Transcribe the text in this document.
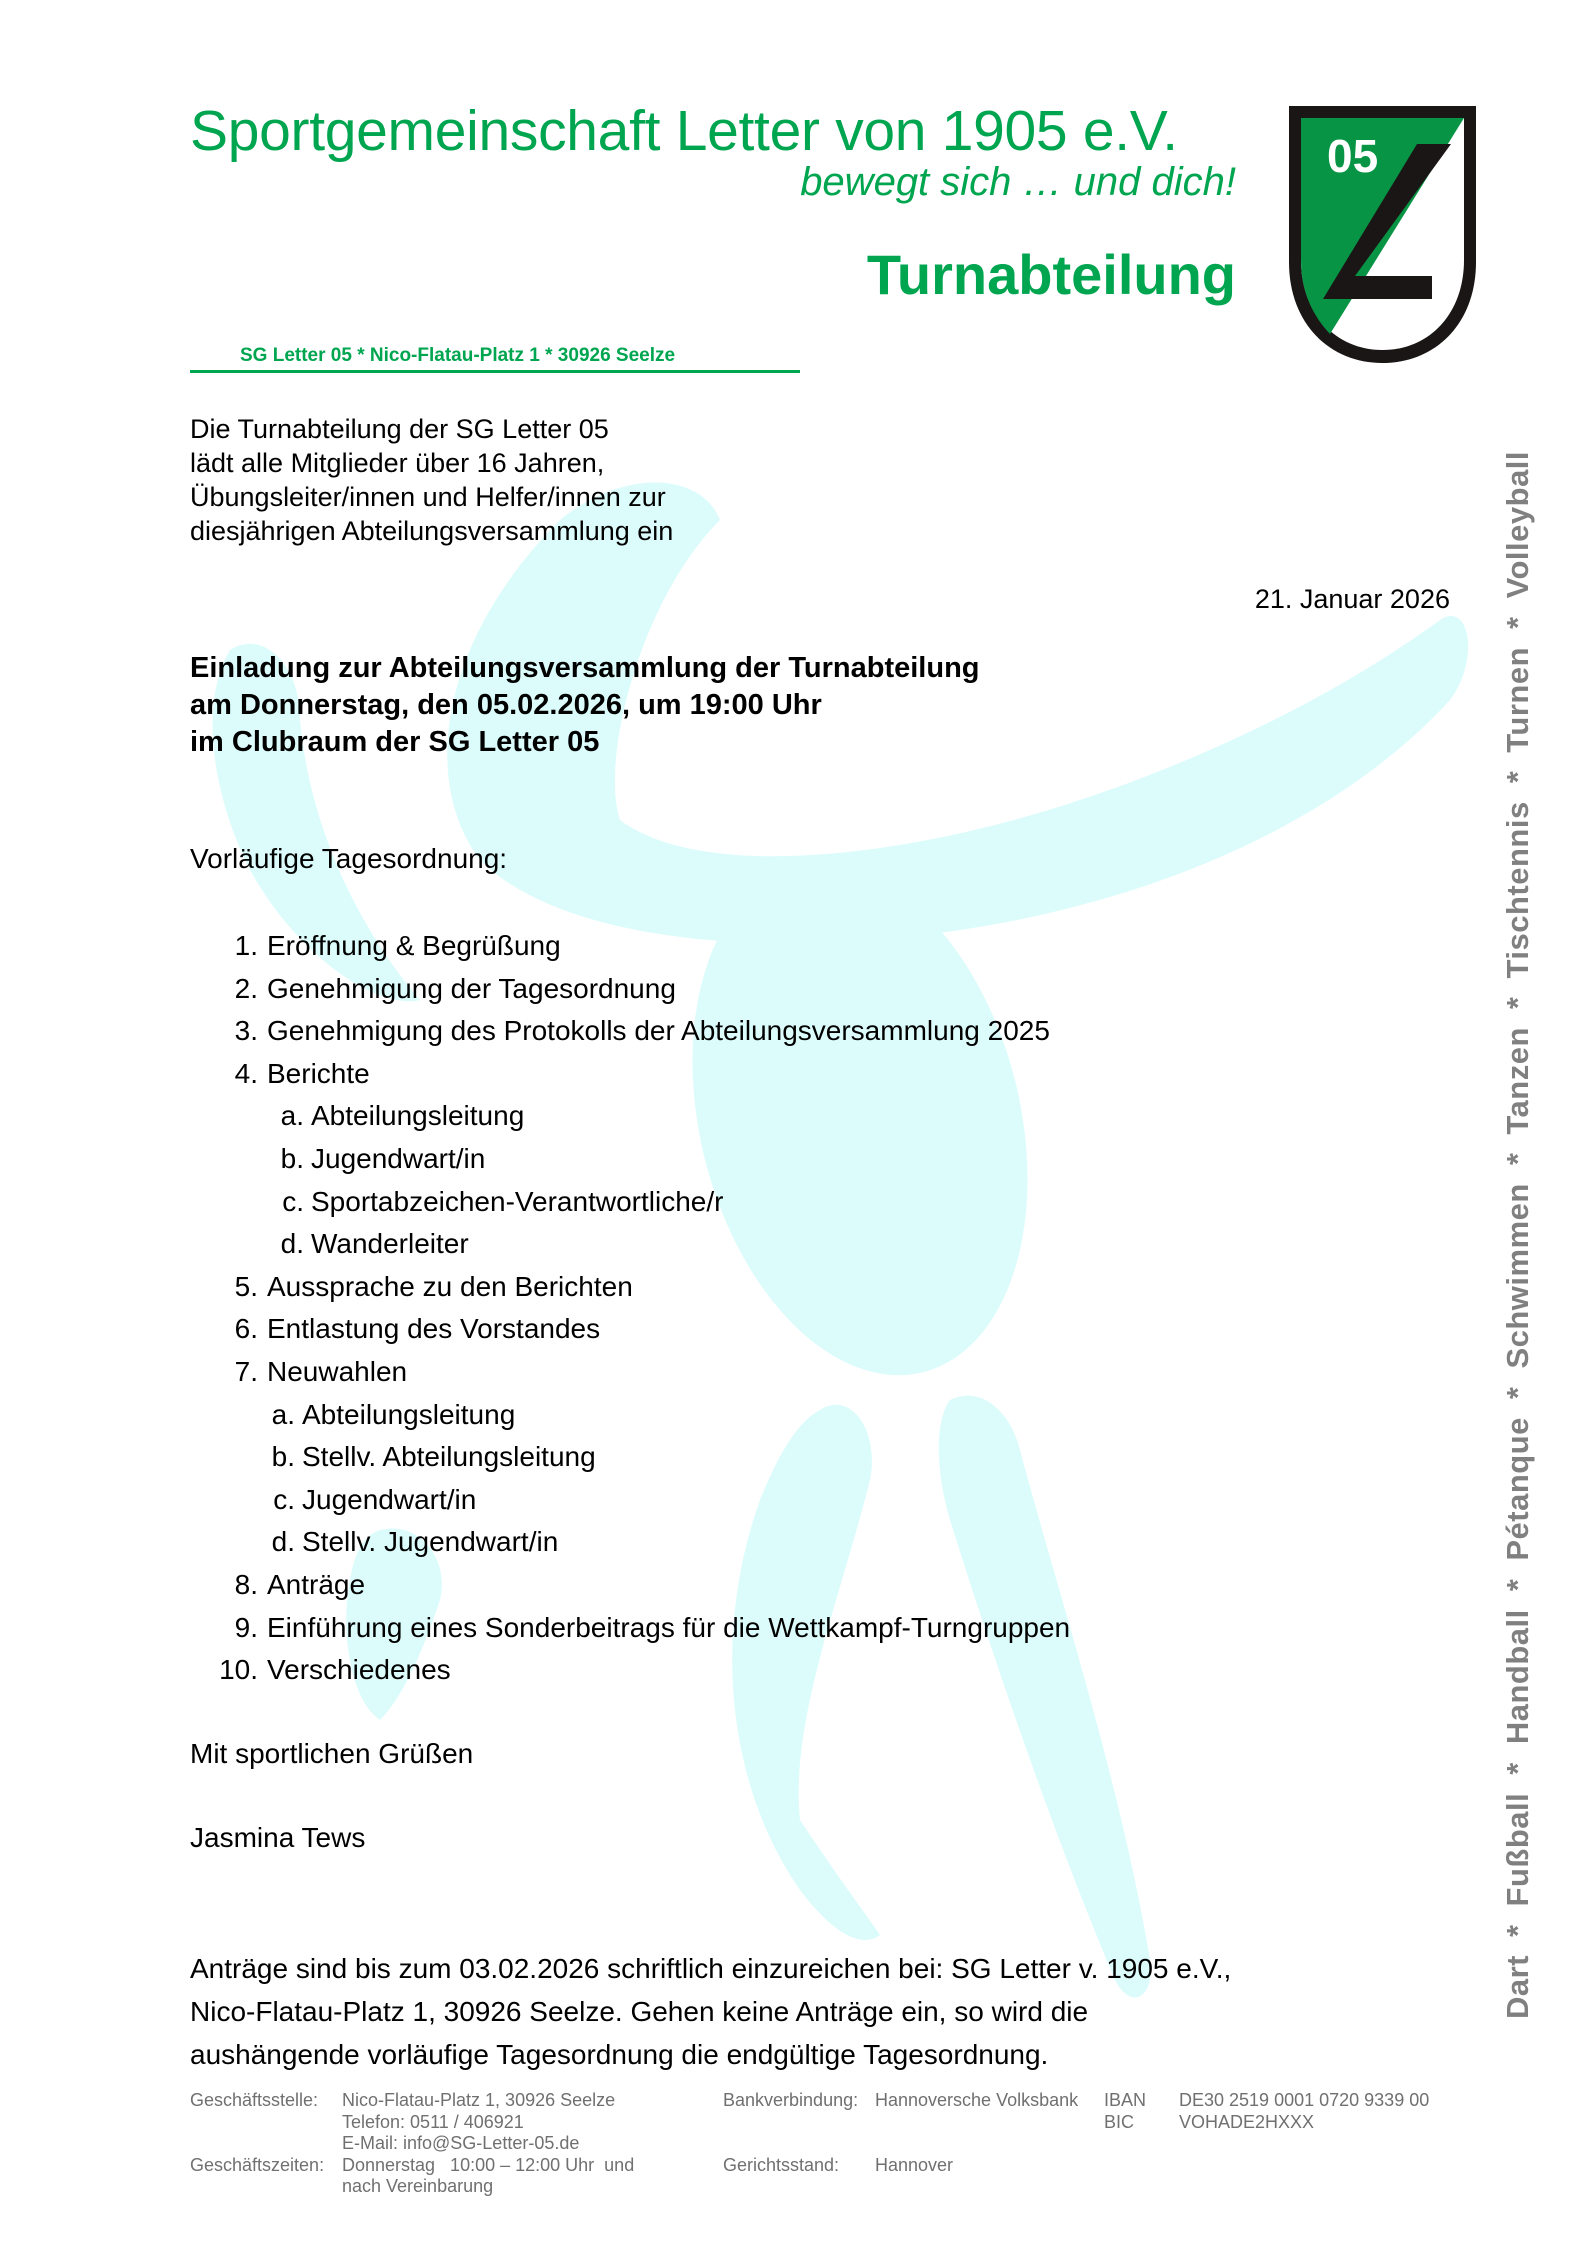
Sportgemeinschaft Letter von 1905 e.V.
bewegt sich … und dich!
Turnabteilung
SG Letter 05 * Nico-Flatau-Platz 1 * 30926 Seelze
05
Die Turnabteilung der SG Letter 05
lädt alle Mitglieder über 16 Jahren,
Übungsleiter/innen und Helfer/innen zur
diesjährigen Abteilungsversammlung ein
21. Januar 2026
Einladung zur Abteilungsversammlung der Turnabteilung
am Donnerstag, den 05.02.2026, um 19:00 Uhr
im Clubraum der SG Letter 05
Vorläufige Tagesordnung:
1. Eröffnung & Begrüßung
2. Genehmigung der Tagesordnung
3. Genehmigung des Protokolls der Abteilungsversammlung 2025
4. Berichte
a. Abteilungsleitung
b. Jugendwart/in
c. Sportabzeichen-Verantwortliche/r
d. Wanderleiter
5. Aussprache zu den Berichten
6. Entlastung des Vorstandes
7. Neuwahlen
a. Abteilungsleitung
b. Stellv. Abteilungsleitung
c. Jugendwart/in
d. Stellv. Jugendwart/in
8. Anträge
9. Einführung eines Sonderbeitrags für die Wettkampf-Turngruppen
10. Verschiedenes
Mit sportlichen Grüßen
Jasmina Tews
Anträge sind bis zum 03.02.2026 schriftlich einzureichen bei: SG Letter v. 1905 e.V.,
Nico-Flatau-Platz 1, 30926 Seelze. Gehen keine Anträge ein, so wird die
aushängende vorläufige Tagesordnung die endgültige Tagesordnung.
Dart*Fußball*Handball*Pétanque*Schwimmen*Tanzen*Tischtennis*Turnen*Volleyball
Geschäftsstelle:

Geschäftszeiten:
Nico-Flatau-Platz 1, 30926 Seelze
Telefon: 0511 / 406921
E-Mail: info@SG-Letter-05.de
Donnerstag   10:00 – 12:00 Uhr  und
nach Vereinbarung
Bankverbindung:

Gerichtsstand:
Hannoversche Volksbank

Hannover
IBAN
BIC
DE30 2519 0001 0720 9339 00
VOHADE2HXXX
